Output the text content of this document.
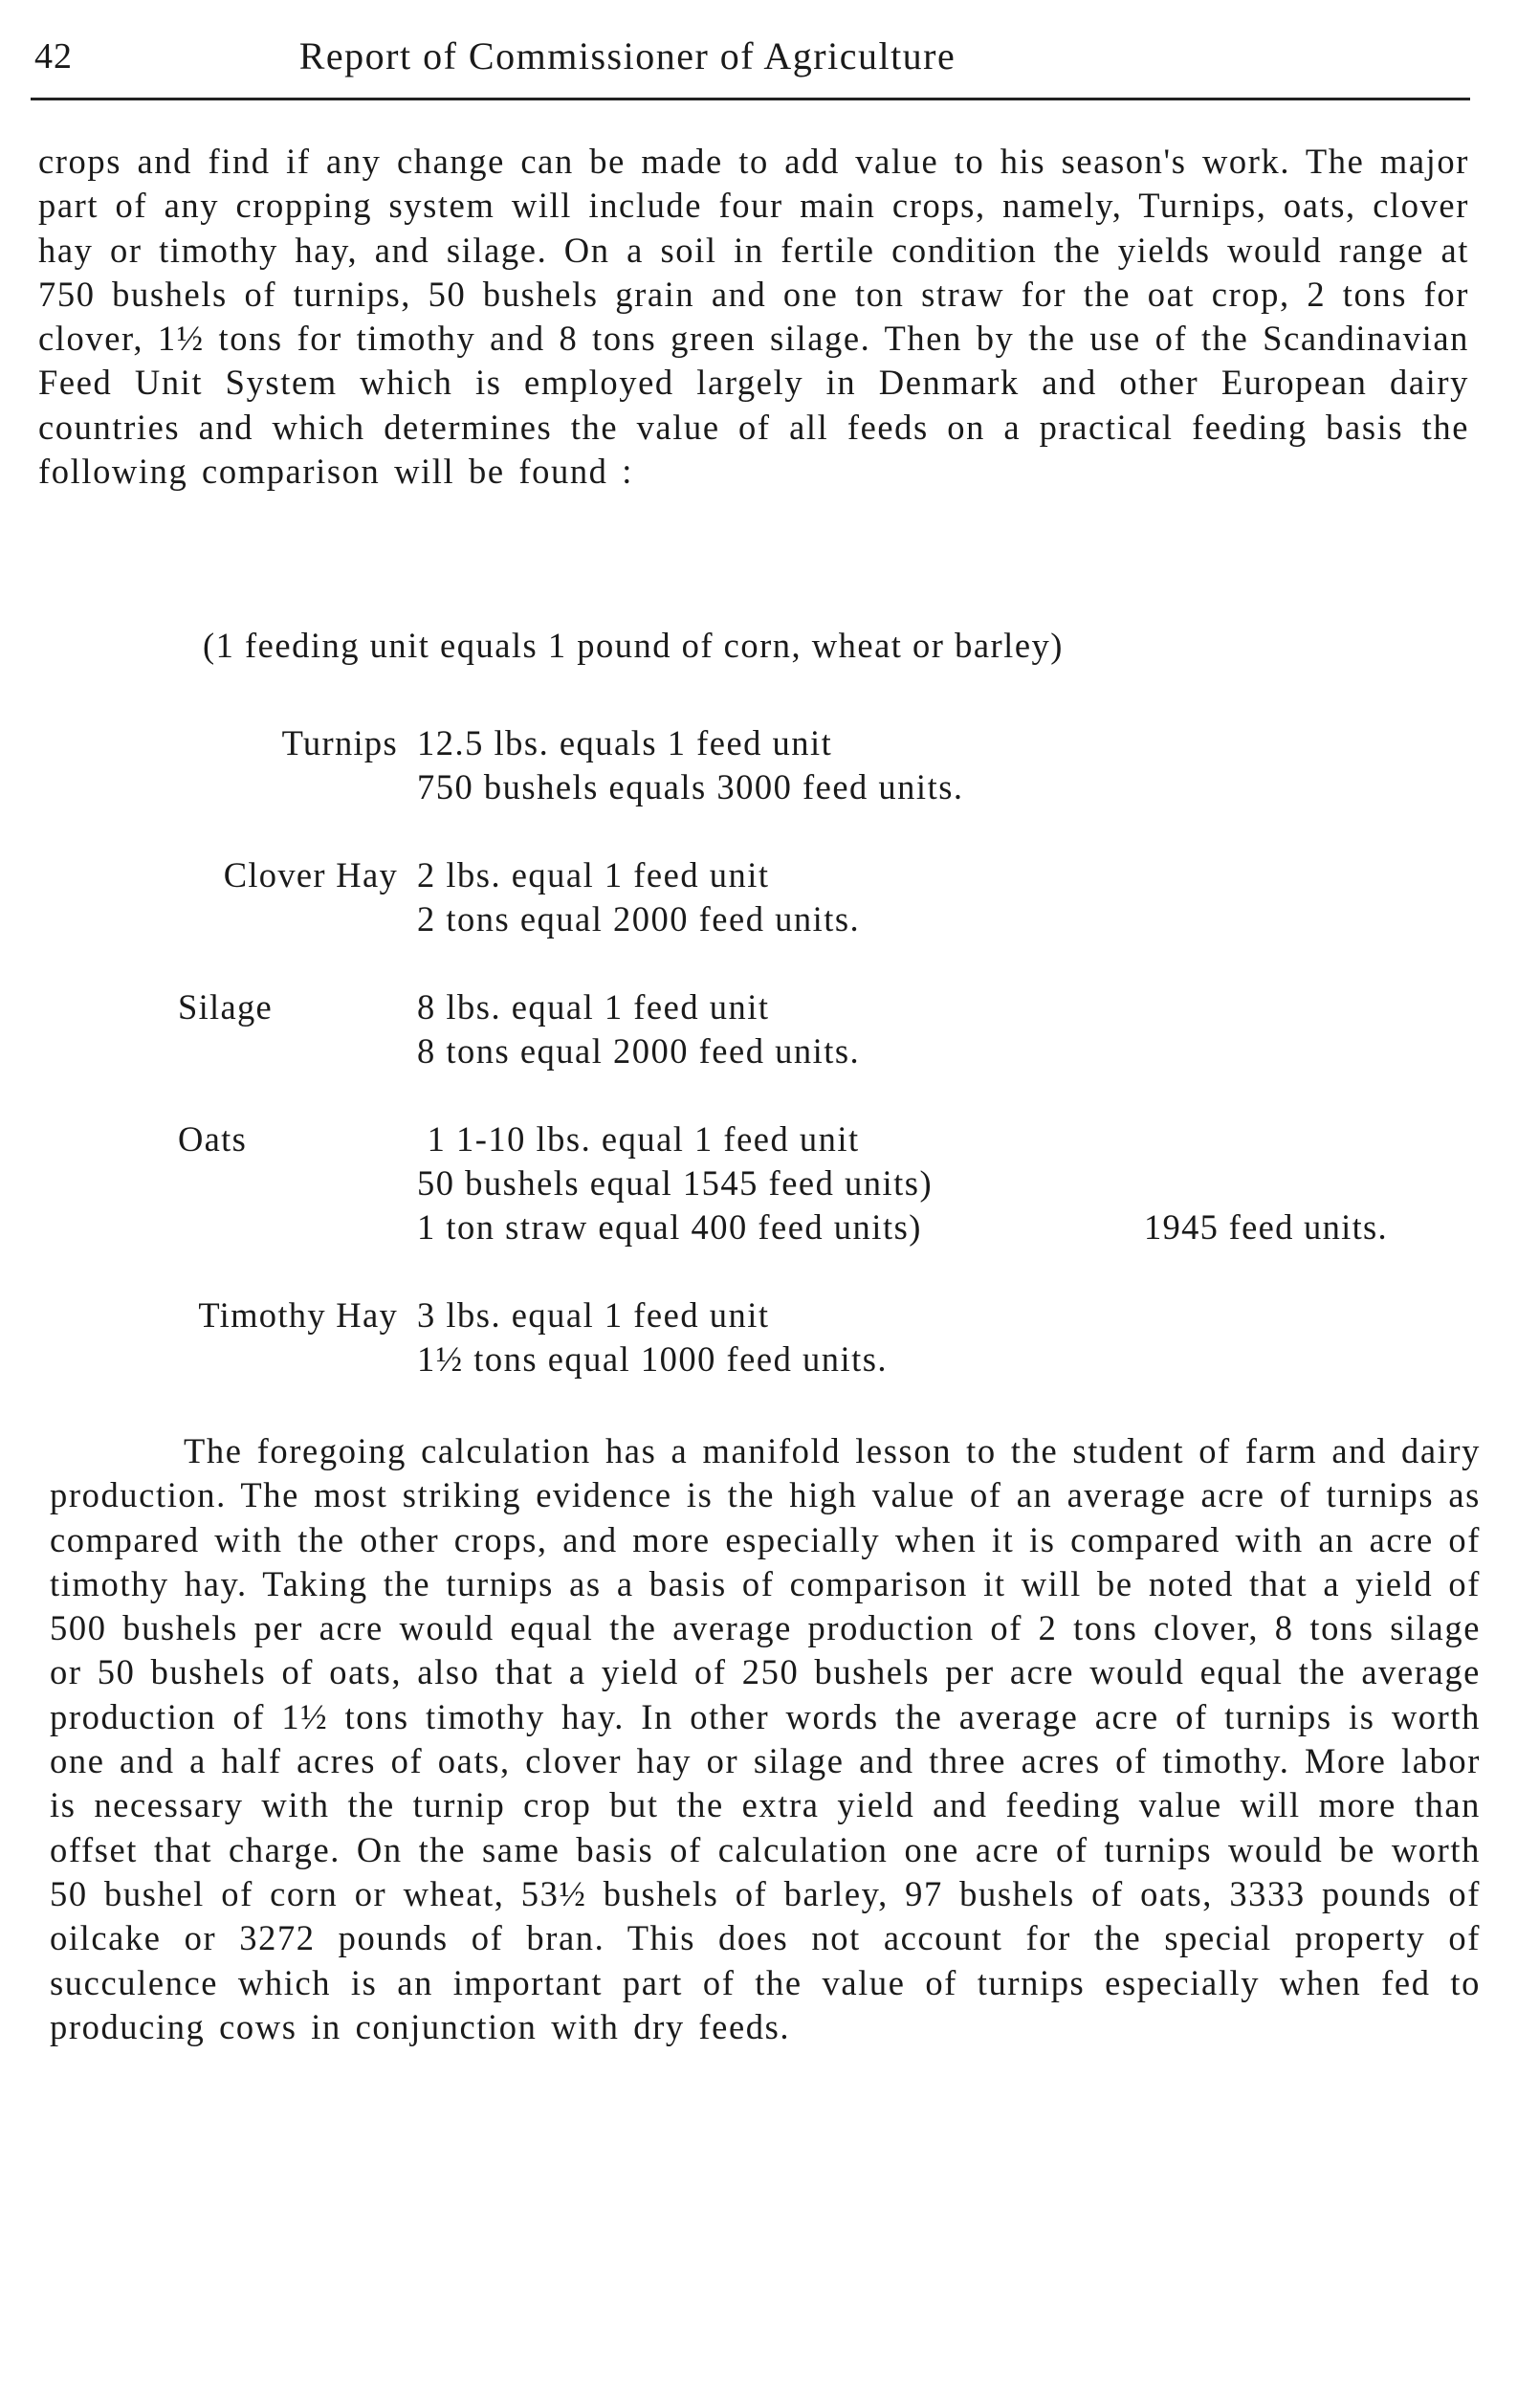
42	Report of Commissioner of Agriculture

crops and find if any change can be made to add value to his season's work. The major part of any cropping system will include four main crops, namely, Turnips, oats, clover hay or timothy hay, and silage. On a soil in fertile condition the yields would range at 750 bushels of turnips, 50 bushels grain and one ton straw for the oat crop, 2 tons for clover, 1½ tons for timothy and 8 tons green silage. Then by the use of the Scandinavian Feed Unit System which is employed largely in Denmark and other European dairy countries and which determines the value of all feeds on a practical feeding basis the following comparison will be found :

(1 feeding unit equals 1 pound of corn, wheat or barley)

Turnips 12.5 lbs. equals 1 feed unit
750 bushels equals 3000 feed units.
Clover Hay 2 lbs. equal 1 feed unit
2 tons equal 2000 feed units.
Silage	8 lbs. equal 1 feed unit
8 tons equal 2000 feed units.
Oats	1 1-10 lbs. equal 1 feed unit
50 bushels equal 1545 feed units)
1 ton straw equal 400 feed units)	1945 feed units.
Timothy Hay 3 lbs. equal 1 feed unit
1½ tons equal 1000 feed units.

The foregoing calculation has a manifold lesson to the student of farm and dairy production. The most striking evidence is the high value of an average acre of turnips as compared with the other crops, and more especially when it is compared with an acre of timothy hay. Taking the turnips as a basis of comparison it will be noted that a yield of 500 bushels per acre would equal the average production of 2 tons clover, 8 tons silage or 50 bushels of oats, also that a yield of 250 bushels per acre would equal the average production of 1½ tons timothy hay. In other words the average acre of turnips is worth one and a half acres of oats, clover hay or silage and three acres of timothy. More labor is necessary with the turnip crop but the extra yield and feeding value will more than offset that charge. On the same basis of calculation one acre of turnips would be worth 50 bushel of corn or wheat, 53½ bushels of barley, 97 bushels of oats, 3333 pounds of oilcake or 3272 pounds of bran. This does not account for the special property of succulence which is an important part of the value of turnips especially when fed to producing cows in conjunction with dry feeds.
